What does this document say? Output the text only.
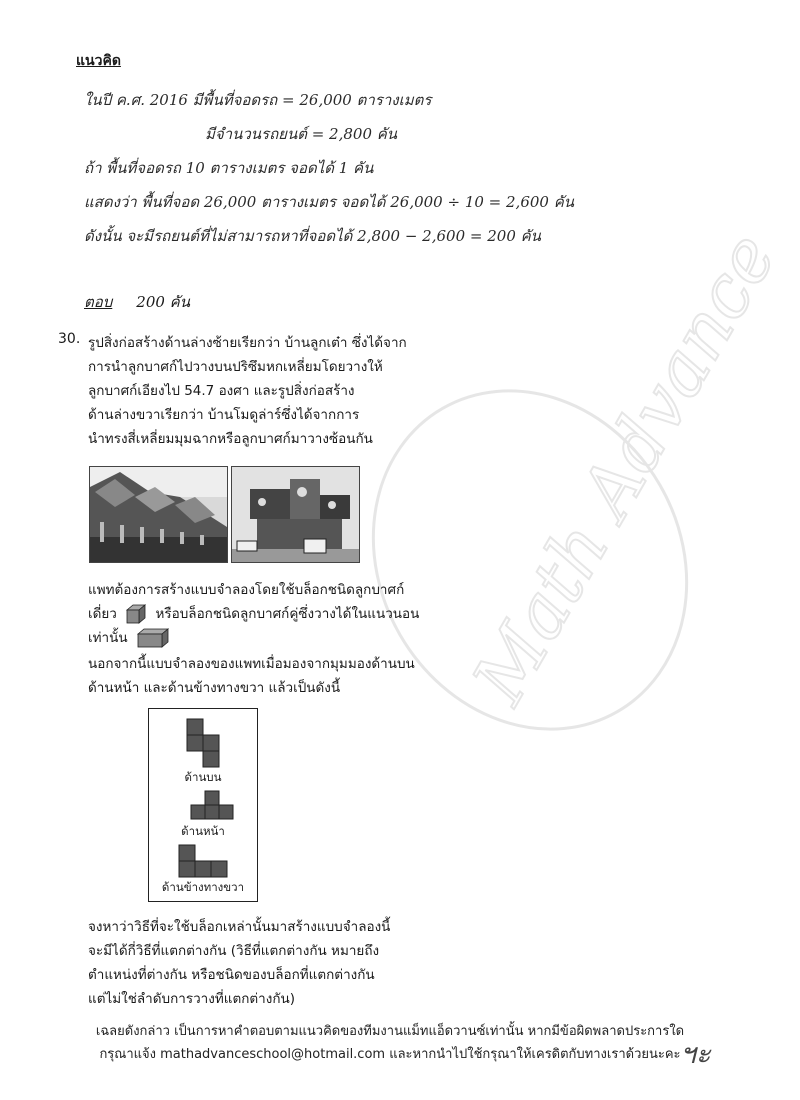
Math Advance
แนวคิด
ในปี ค.ศ. 2016 มีพื้นที่จอดรถ = 26,000 ตารางเมตร
มีจำนวนรถยนต์ = 2,800 คัน
ถ้า พื้นที่จอดรถ 10 ตารางเมตร จอดได้ 1 คัน
แสดงว่า พื้นที่จอด 26,000 ตารางเมตร จอดได้ 26,000 ÷ 10 = 2,600 คัน
ดังนั้น จะมีรถยนต์ที่ไม่สามารถหาที่จอดได้ 2,800 − 2,600 = 200 คัน
ตอบ 200 คัน
30. รูปสิ่งก่อสร้างด้านล่างซ้ายเรียกว่า บ้านลูกเต๋า ซึ่งได้จาก
การนำลูกบาศก์ไปวางบนปริซึมหกเหลี่ยมโดยวางให้
ลูกบาศก์เอียงไป 54.7 องศา และรูปสิ่งก่อสร้าง
ด้านล่างขวาเรียกว่า บ้านโมดูล่าร์ซึ่งได้จากการ
นำทรงสี่เหลี่ยมมุมฉากหรือลูกบาศก์มาวางซ้อนกัน
แพทต้องการสร้างแบบจำลองโดยใช้บล็อกชนิดลูกบาศก์
เดี่ยว	หรือบล็อกชนิดลูกบาศก์คู่ซึ่งวางได้ในแนวนอน
เท่านั้น
นอกจากนี้แบบจำลองของแพทเมื่อมองจากมุมมองด้านบน
ด้านหน้า และด้านข้างทางขวา แล้วเป็นดังนี้
ด้านบน
ด้านหน้า
ด้านข้างทางขวา
จงหาว่าวิธีที่จะใช้บล็อกเหล่านั้นมาสร้างแบบจำลองนี้
จะมีได้กี่วิธีที่แตกต่างกัน (วิธีที่แตกต่างกัน หมายถึง
ตำแหน่งที่ต่างกัน หรือชนิดของบล็อกที่แตกต่างกัน
แต่ไม่ใช่ลำดับการวางที่แตกต่างกัน)
เฉลยดังกล่าว เป็นการหาคำตอบตามแนวคิดของทีมงานแม็ทแอ็ดวานซ์เท่านั้น หากมีข้อผิดพลาดประการใด
กรุณาแจ้ง mathadvanceschool@hotmail.com และหากนำไปใช้กรุณาให้เครดิตกับทางเราด้วยนะคะ ฯะ
